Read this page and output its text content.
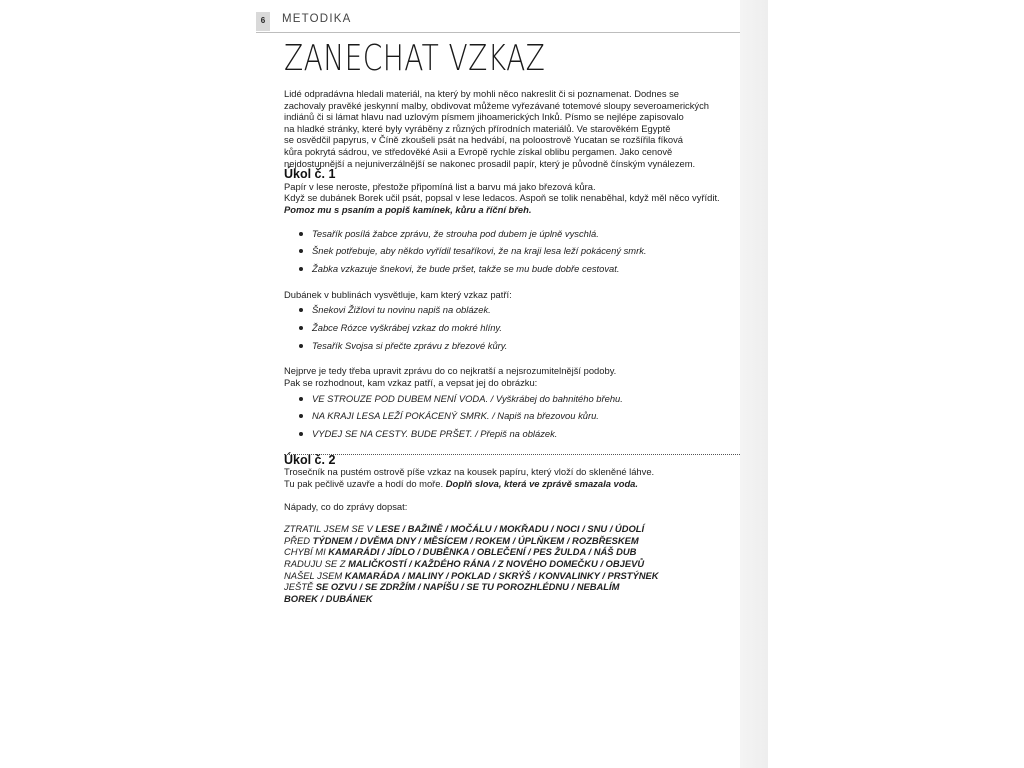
6	METODIKA
ZANECHAT VZKAZ

Lidé odpradávna hledali materiál, na který by mohli něco nakreslit či si poznamenat. Dodnes se

zachovaly pravěké jeskynní malby, obdivovat můžeme vyřezávané totemové sloupy severoamerických

indiánů či si lámat hlavu nad uzlovým písmem jihoamerických Inků. Písmo se nejlépe zapisovalo

na hladké stránky, které byly vyráběny z různých přírodních materiálů. Ve starověkém Egyptě

se osvědčil papyrus, v Číně zkoušeli psát na hedvábí, na poloostrově Yucatan se rozšířila fíková

kůra pokrytá sádrou, ve středověké Asii a Evropě rychle získal oblibu pergamen. Jako cenově

nejdostupnější a nejuniverzálnější se nakonec prosadil papír, který je původně čínským vynálezem.

Úkol č. 1

Papír v lese neroste, přestože připomíná list a barvu má jako březová kůra.

Když se dubánek Borek učil psát, popsal v lese ledacos. Aspoň se tolik nenaběhal, když měl něco vyřídit.

Pomoz mu s psaním a popiš kamínek, kůru a říční břeh.

Tesařík posílá žabce zprávu, že strouha pod dubem je úplně vyschlá.
Šnek potřebuje, aby někdo vyřídil tesaříkovi, že na kraji lesa leží pokácený smrk.
Žabka vzkazuje šnekovi, že bude pršet, takže se mu bude dobře cestovat.

Dubánek v bublinách vysvětluje, kam který vzkaz patří:

Šnekovi Žižlovi tu novinu napiš na oblázek.
Žabce Rózce vyškrábej vzkaz do mokré hlíny.
Tesařík Svojsa si přečte zprávu z březové kůry.

Nejprve je tedy třeba upravit zprávu do co nejkratší a nejsrozumitelnější podoby.

Pak se rozhodnout, kam vzkaz patří, a vepsat jej do obrázku:

VE STROUZE POD DUBEM NENÍ VODA. / Vyškrábej do bahnitého břehu.
NA KRAJI LESA LEŽÍ POKÁCENÝ SMRK. / Napiš na březovou kůru.
VYDEJ SE NA CESTY. BUDE PRŠET. / Přepiš na oblázek.

Úkol č. 2

Trosečník na pustém ostrově píše vzkaz na kousek papíru, který vloží do skleněné láhve.

Tu pak pečlivě uzavře a hodí do moře. Doplň slova, která ve zprávě smazala voda.

Nápady, co do zprávy dopsat:

ZTRATIL JSEM SE V LESE / BAŽINĚ / MOČÁLU / MOKŘADU / NOCI / SNU / ÚDOLÍ

PŘED TÝDNEM / DVĚMA DNY / MĚSÍCEM / ROKEM / ÚPLŇKEM / ROZBŘESKEM

CHYBÍ MI KAMARÁDI / JÍDLO / DUBĚNKA / OBLEČENÍ / PES ŽULDA / NÁŠ DUB

RADUJU SE Z MALIČKOSTÍ / KAŽDÉHO RÁNA / Z NOVÉHO DOMEČKU / OBJEVŮ

NAŠEL JSEM KAMARÁDA / MALINY / POKLAD / SKRÝŠ / KONVALINKY / PRSTÝNEK

JEŠTĚ SE OZVU / SE ZDRŽÍM / NAPÍŠU / SE TU POROZHLÉDNU / NEBALÍM

BOREK / DUBÁNEK
